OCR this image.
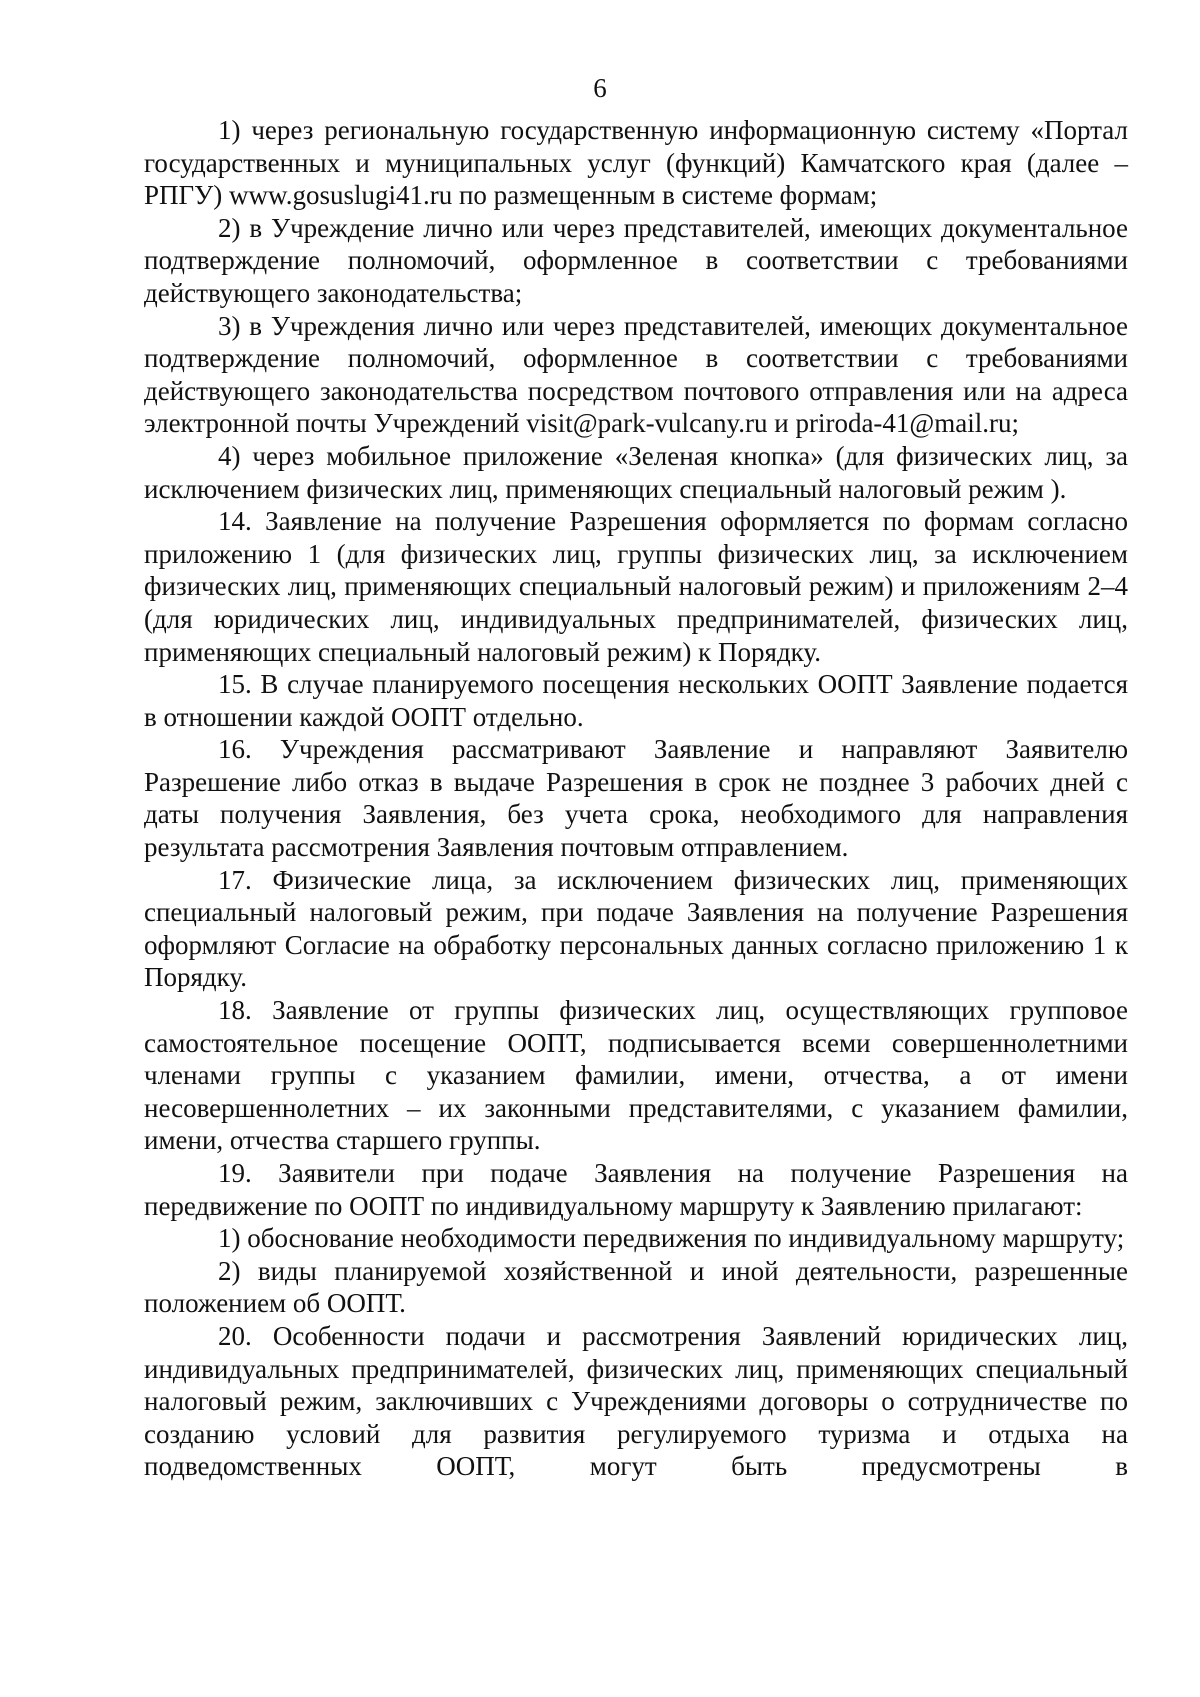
6

1) через региональную государственную информационную систему «Портал государственных и муниципальных услуг (функций) Камчатского края (далее – РПГУ) www.gosuslugi41.ru по размещенным в системе формам;

2) в Учреждение лично или через представителей, имеющих документальное подтверждение полномочий, оформленное в соответствии с требованиями действующего законодательства;

3) в Учреждения лично или через представителей, имеющих документальное подтверждение полномочий, оформленное в соответствии с требованиями действующего законодательства посредством почтового отправления или на адреса электронной почты Учреждений visit@park-vulcany.ru и priroda-41@mail.ru;

4) через мобильное приложение «Зеленая кнопка» (для физических лиц, за исключением физических лиц, применяющих специальный налоговый режим ).

14. Заявление на получение Разрешения оформляется по формам согласно приложению 1 (для физических лиц, группы физических лиц, за исключением физических лиц, применяющих специальный налоговый режим) и приложениям 2–4 (для юридических лиц, индивидуальных предпринимателей, физических лиц, применяющих специальный налоговый режим) к Порядку.

15. В случае планируемого посещения нескольких ООПТ Заявление подается в отношении каждой ООПТ отдельно.

16. Учреждения рассматривают Заявление и направляют Заявителю Разрешение либо отказ в выдаче Разрешения в срок не позднее 3 рабочих дней с даты получения Заявления, без учета срока, необходимого для направления результата рассмотрения Заявления почтовым отправлением.

17. Физические лица, за исключением физических лиц, применяющих специальный налоговый режим, при подаче Заявления на получение Разрешения оформляют Согласие на обработку персональных данных согласно приложению 1 к Порядку.

18. Заявление от группы физических лиц, осуществляющих групповое самостоятельное посещение ООПТ, подписывается всеми совершеннолетними членами группы с указанием фамилии, имени, отчества, а от имени несовершеннолетних – их законными представителями, с указанием фамилии, имени, отчества старшего группы.

19. Заявители при подаче Заявления на получение Разрешения на передвижение по ООПТ по индивидуальному маршруту к Заявлению прилагают:

1) обоснование необходимости передвижения по индивидуальному маршруту;

2) виды планируемой хозяйственной и иной деятельности, разрешенные положением об ООПТ.

20. Особенности подачи и рассмотрения Заявлений юридических лиц, индивидуальных предпринимателей, физических лиц, применяющих специальный налоговый режим, заключивших с Учреждениями договоры о сотрудничестве по созданию условий для развития регулируемого туризма и отдыха на подведомственных ООПТ, могут быть предусмотрены в
